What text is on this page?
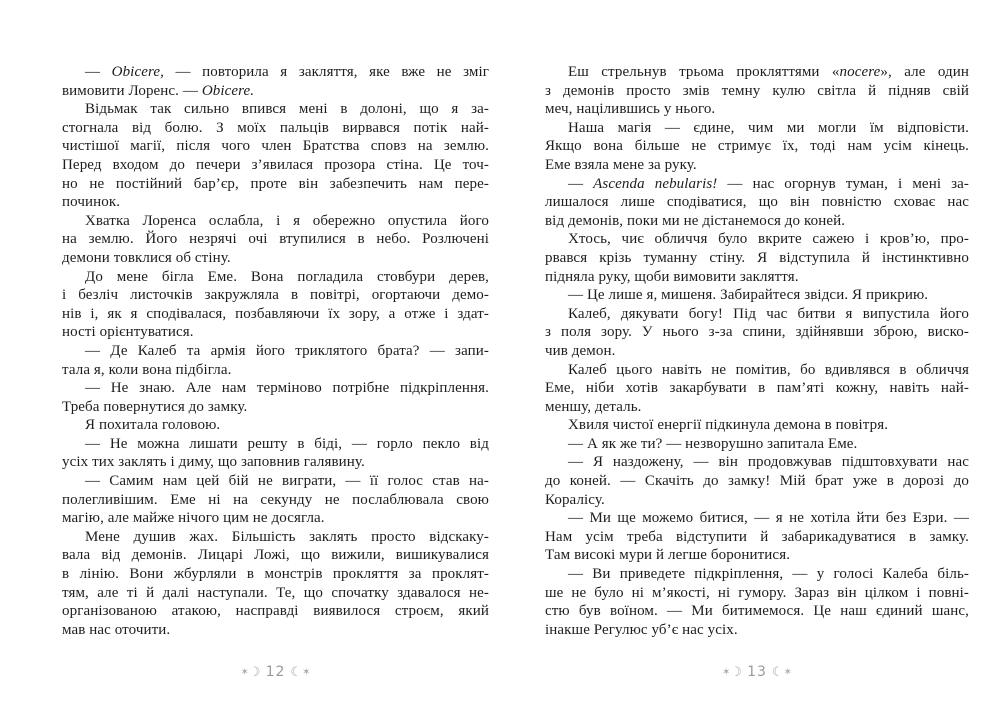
— Obicere, — повторила я закляття, яке вже не зміг
вимовити Лоренс. — Obicere.
Відьмак так сильно впився мені в долоні, що я за-
стогнала від болю. З моїх пальців вирвався потік най-
чистішої магії, після чого член Братства сповз на землю.
Перед входом до печери з’явилася прозора стіна. Це точ-
но не постійний бар’єр, проте він забезпечить нам пере-
починок.
Хватка Лоренса ослабла, і я обережно опустила його
на землю. Його незрячі очі втупилися в небо. Розлючені
демони товклися об стіну.
До мене бігла Еме. Вона погладила стовбури дерев,
і безліч листочків закружляла в повітрі, огортаючи демо-
нів і, як я сподівалася, позбавляючи їх зору, а отже і здат-
ності орієнтуватися.
— Де Калеб та армія його триклятого брата? — запи-
тала я, коли вона підбігла.
— Не знаю. Але нам терміново потрібне підкріплення.
Треба повернутися до замку.
Я похитала головою.
— Не можна лишати решту в біді, — горло пекло від
усіх тих заклять і диму, що заповнив галявину.
— Самим нам цей бій не виграти, — її голос став на-
полегливішим. Еме ні на секунду не послаблювала свою
магію, але майже нічого цим не досягла.
Мене душив жах. Більшість заклять просто відскаку-
вала від демонів. Лицарі Ложі, що вижили, вишикувалися
в лінію. Вони жбурляли в монстрів прокляття за проклят-
тям, але ті й далі наступали. Те, що спочатку здавалося не-
організованою атакою, насправді виявилося строєм, який
мав нас оточити.
✶☽ 12 ☾✶
Еш стрельнув трьома прокляттями «nocere», але один
з демонів просто змів темну кулю світла й підняв свій
меч, націлившись у нього.
Наша магія — єдине, чим ми могли їм відповісти.
Якщо вона більше не стримує їх, тоді нам усім кінець.
Еме взяла мене за руку.
— Ascenda nebularis! — нас огорнув туман, і мені за-
лишалося лише сподіватися, що він повністю сховає нас
від демонів, поки ми не дістанемося до коней.
Хтось, чиє обличчя було вкрите сажею і кров’ю, про-
рвався крізь туманну стіну. Я відступила й інстинктивно
підняла руку, щоби вимовити закляття.
— Це лише я, мишеня. Забирайтеся звідси. Я прикрию.
Калеб, дякувати богу! Під час битви я випустила його
з поля зору. У нього з-за спини, здійнявши зброю, виско-
чив демон.
Калеб цього навіть не помітив, бо вдивлявся в обличчя
Еме, ніби хотів закарбувати в пам’яті кожну, навіть най-
меншу, деталь.
Хвиля чистої енергії підкинула демона в повітря.
— А як же ти? — незворушно запитала Еме.
— Я наздожену, — він продовжував підштовхувати нас
до коней. — Скачіть до замку! Мій брат уже в дорозі до
Коралісу.
— Ми ще можемо битися, — я не хотіла йти без Езри. —
Нам усім треба відступити й забарикадуватися в замку.
Там високі мури й легше боронитися.
— Ви приведете підкріплення, — у голосі Калеба біль-
ше не було ні м’якості, ні гумору. Зараз він цілком і повні-
стю був воїном. — Ми битимемося. Це наш єдиний шанс,
інакше Регулюс уб’є нас усіх.
✶☽ 13 ☾✶
